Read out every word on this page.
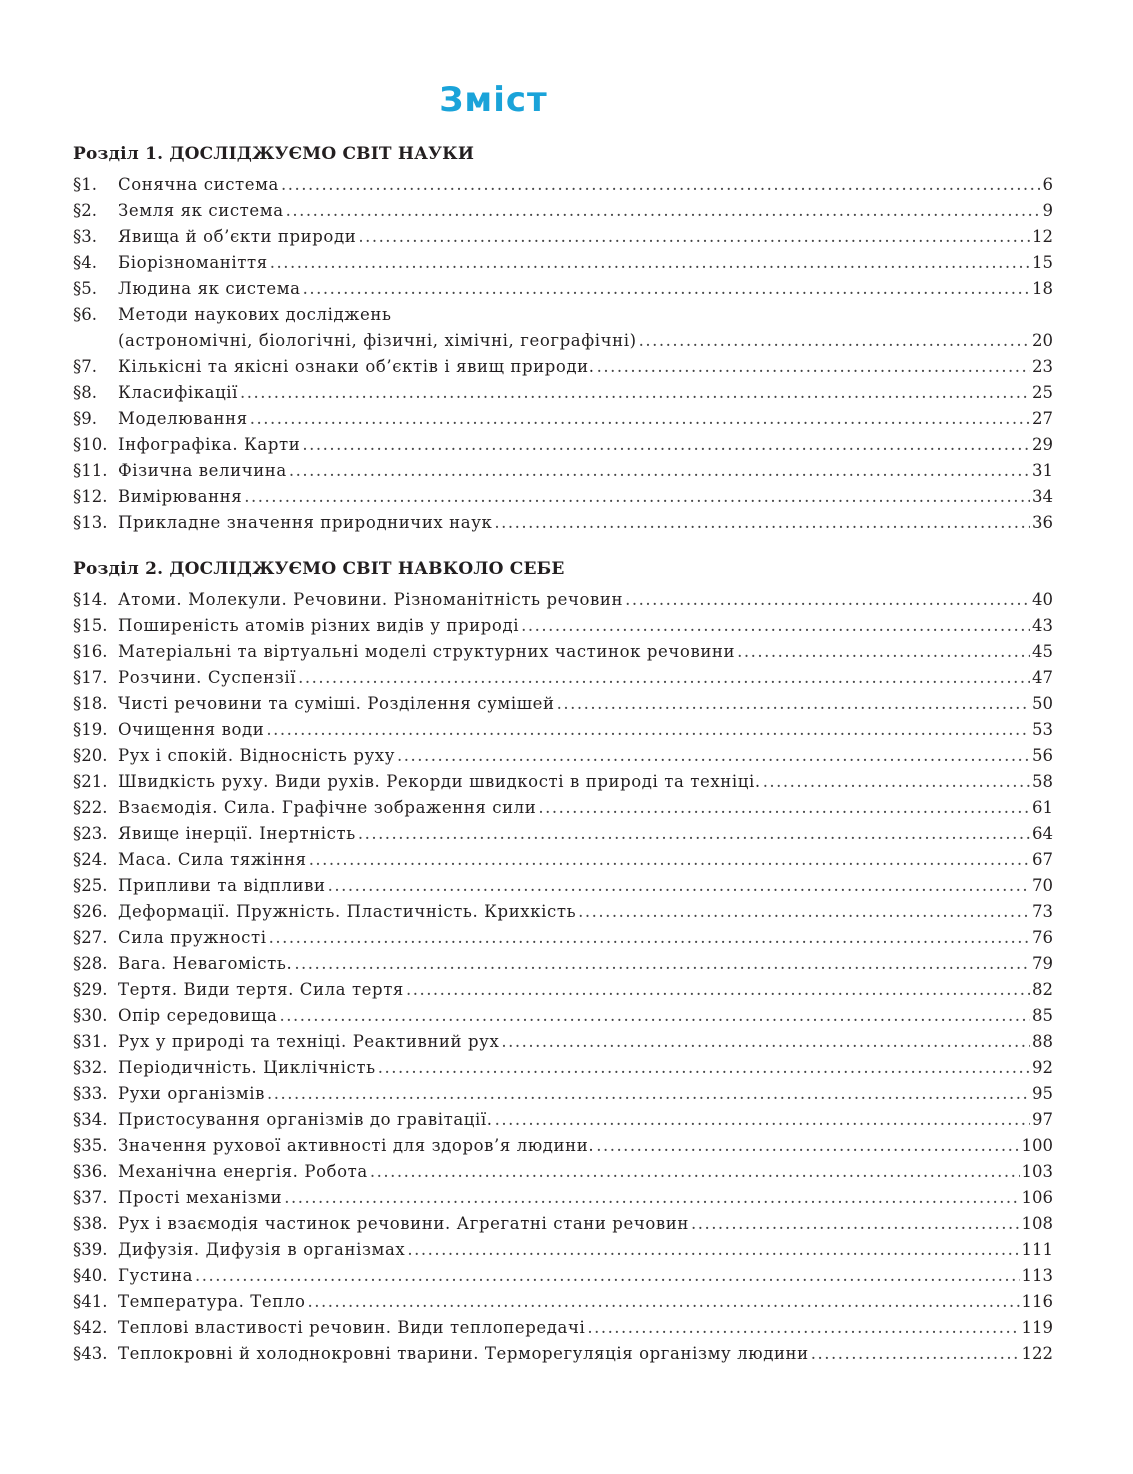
Зміст
Розділ 1. ДОСЛІДЖУЄМО СВІТ НАУКИ
§1.	Сонячна система .....	6
§2.	Земля як система .....	9
§3.	Явища й об’єкти природи .....	12
§4.	Біорізноманіття .....	15
§5.	Людина як система .....	18
§6.	Методи наукових досліджень
(астрономічні, біологічні, фізичні, хімічні, географічні) .....	20
§7.	Кількісні та якісні ознаки об’єктів і явищ природи. .....	23
§8.	Класифікації .....	25
§9.	Моделювання .....	27
§10. Інфографіка. Карти .....	29
§11. Фізична величина .....	31
§12. Вимірювання .....	34
§13. Прикладне значення природничих наук .....	36
Розділ 2. ДОСЛІДЖУЄМО СВІТ НАВКОЛО СЕБЕ
§14. Атоми. Молекули. Речовини. Різноманітність речовин .....	40
§15. Поширеність атомів різних видів у природі .....	43
§16. Матеріальні та віртуальні моделі структурних частинок речовини .....	45
§17. Розчини. Суспензії .....	47
§18. Чисті речовини та суміші. Розділення сумішей .....	50
§19. Очищення води .....	53
§20. Рух і спокій. Відносність руху .....	56
§21. Швидкість руху. Види рухів. Рекорди швидкості в природі та техніці. .....	58
§22. Взаємодія. Сила. Графічне зображення сили .....	61
§23. Явище інерції. Інертність .....	64
§24. Маса. Сила тяжіння .....	67
§25. Припливи та відпливи .....	70
§26. Деформації. Пружність. Пластичність. Крихкість .....	73
§27. Сила пружності .....	76
§28. Вага. Невагомість. .....	79
§29. Тертя. Види тертя. Сила тертя .....	82
§30. Опір середовища .....	85
§31. Рух у природі та техніці. Реактивний рух .....	88
§32. Періодичність. Циклічність .....	92
§33. Рухи організмів .....	95
§34. Пристосування організмів до гравітації. .....	97
§35. Значення рухової активності для здоров’я людини. .....	100
§36. Механічна енергія. Робота .....	103
§37. Прості механізми .....	106
§38. Рух і взаємодія частинок речовини. Агрегатні стани речовин .....	108
§39. Дифузія. Дифузія в організмах .....	111
§40. Густина .....	113
§41. Температура. Тепло .....	116
§42. Теплові властивості речовин. Види теплопередачі .....	119
§43. Теплокровні й холоднокровні тварини. Терморегуляція організму людини .....	122
